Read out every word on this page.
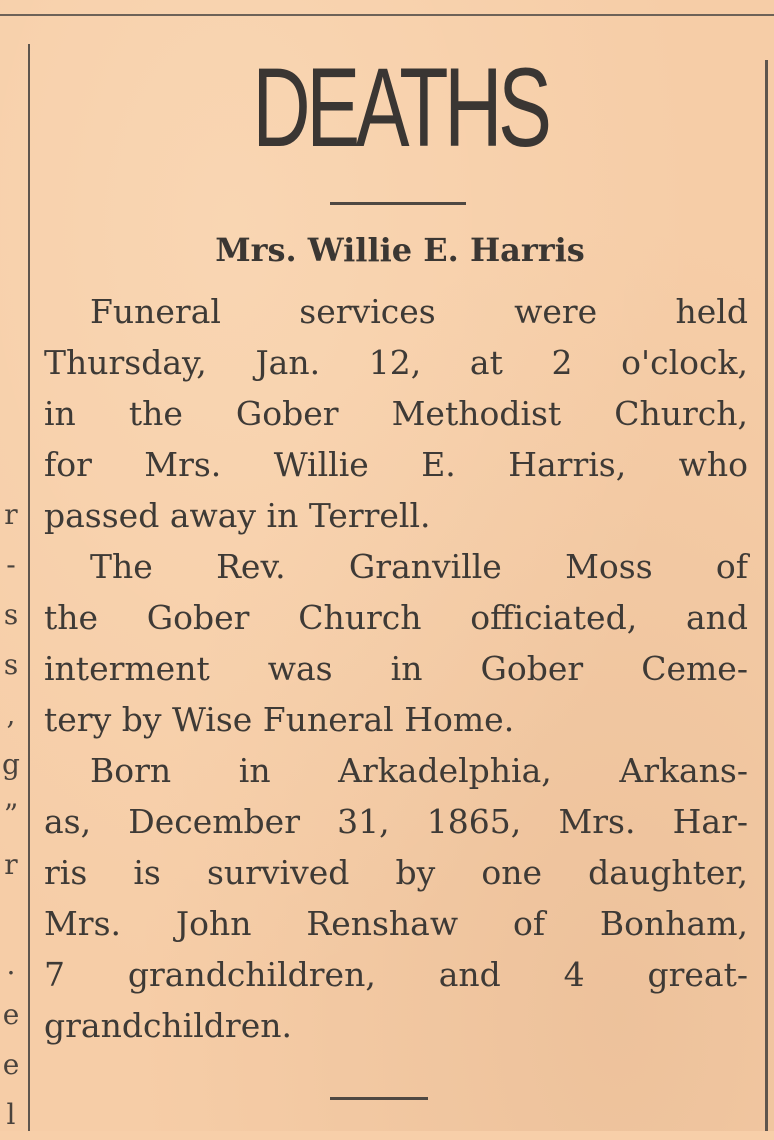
r
-
s
s
,
g
”
r
.
e
e
l
DEATHS
Mrs. Willie E. Harris
Funeral services were held
Thursday, Jan. 12, at 2 o'clock,
in the Gober Methodist Church,
for Mrs. Willie E. Harris, who
passed away in Terrell.
The Rev. Granville Moss of
the Gober Church officiated, and
interment was in Gober Ceme-
tery by Wise Funeral Home.
Born in Arkadelphia, Arkans-
as, December 31, 1865, Mrs. Har-
ris is survived by one daughter,
Mrs. John Renshaw of Bonham,
7 grandchildren, and 4 great-
grandchildren.
